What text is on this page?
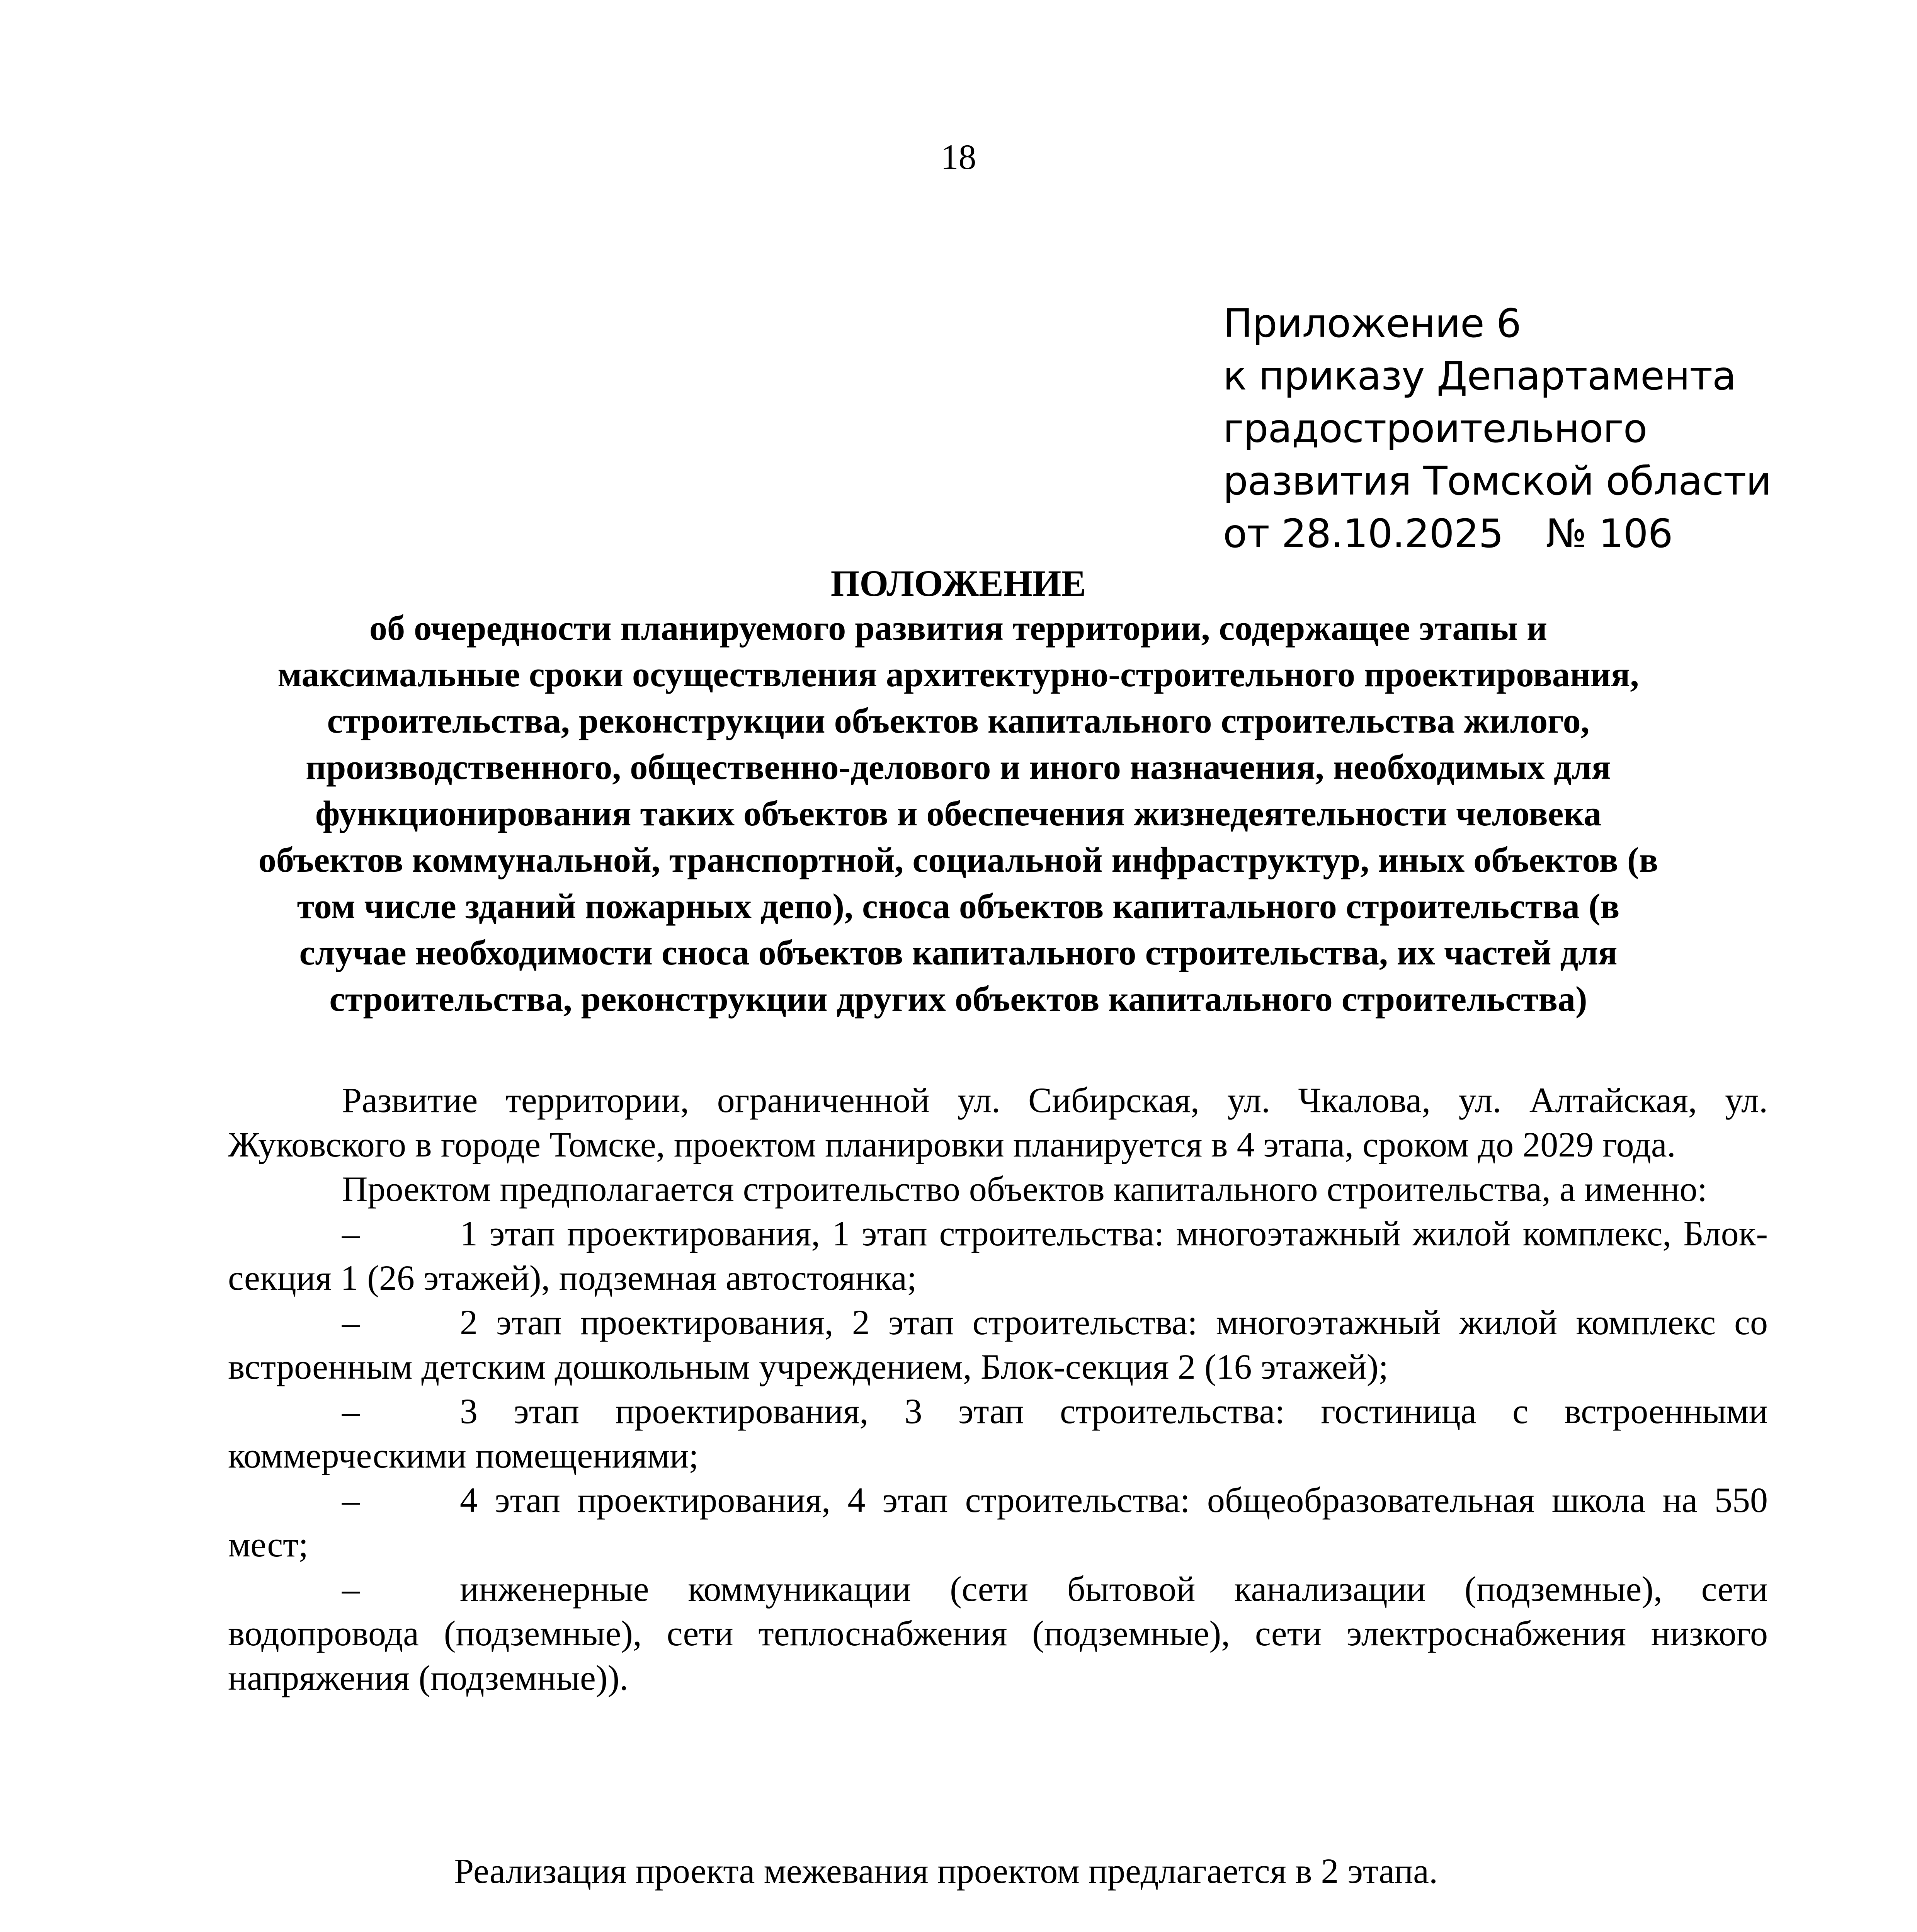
18
Приложение 6
к приказу Департамента
градостроительного
развития Томской области
от 28.10.2025 № 106
ПОЛОЖЕНИЕ
об очередности планируемого развития территории, содержащее этапы и
максимальные сроки осуществления архитектурно-строительного проектирования,
строительства, реконструкции объектов капитального строительства жилого,
производственного, общественно-делового и иного назначения, необходимых для
функционирования таких объектов и обеспечения жизнедеятельности человека
объектов коммунальной, транспортной, социальной инфраструктур, иных объектов (в
том числе зданий пожарных депо), сноса объектов капитального строительства (в
случае необходимости сноса объектов капитального строительства, их частей для
строительства, реконструкции других объектов капитального строительства)

Развитие территории, ограниченной ул. Сибирская, ул. Чкалова, ул. Алтайская, ул. Жуковского в городе Томске, проектом планировки планируется в 4 этапа, сроком до 2029 года.

Проектом предполагается строительство объектов капитального строительства, а именно:

–	1 этап проектирования, 1 этап строительства: многоэтажный жилой комплекс, Блок-секция 1 (26 этажей), подземная автостоянка;

–	2 этап проектирования, 2 этап строительства: многоэтажный жилой комплекс со встроенным детским дошкольным учреждением, Блок-секция 2 (16 этажей);

–	3 этап проектирования, 3 этап строительства: гостиница с встроенными коммерческими помещениями;

–	4 этап проектирования, 4 этап строительства: общеобразовательная школа на 550 мест;

–	инженерные коммуникации (сети бытовой канализации (подземные), сети водопровода (подземные), сети теплоснабжения (подземные), сети электроснабжения низкого напряжения (подземные)).

Реализация проекта межевания проектом предлагается в 2 этапа.
